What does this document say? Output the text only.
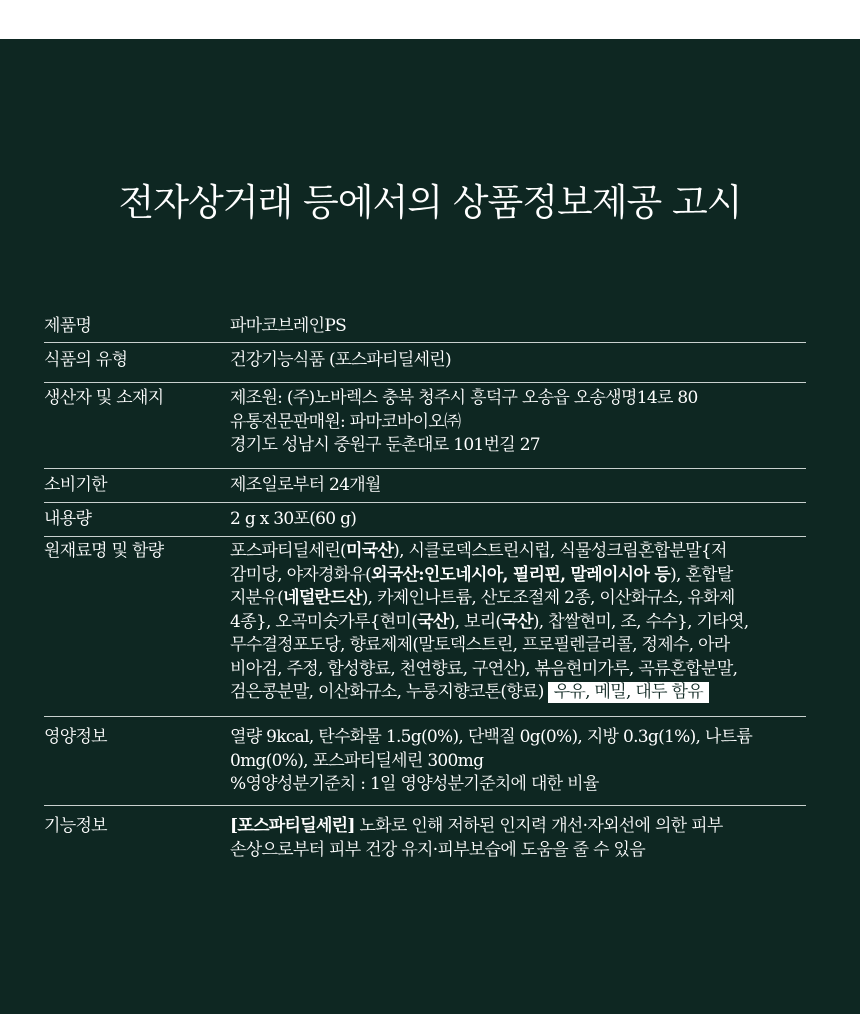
전자상거래 등에서의 상품정보제공 고시
제품명	파마코브레인PS
식품의 유형	건강기능식품 (포스파티딜세린)
생산자 및 소재지	제조원: (주)노바렉스 충북 청주시 흥덕구 오송읍 오송생명14로 80
유통전문판매원: 파마코바이오㈜
경기도 성남시 중원구 둔촌대로 101번길 27
소비기한	제조일로부터 24개월
내용량	2 g x 30포(60 g)
원재료명 및 함량	포스파티딜세린(미국산), 시클로덱스트린시럽, 식물성크림혼합분말{저
감미당, 야자경화유(외국산:인도네시아, 필리핀, 말레이시아 등), 혼합탈
지분유(네덜란드산), 카제인나트륨, 산도조절제 2종, 이산화규소, 유화제
4종}, 오곡미숫가루{현미(국산), 보리(국산), 찹쌀현미, 조, 수수}, 기타엿,
무수결정포도당, 향료제제(말토덱스트린, 프로필렌글리콜, 정제수, 아라
비아검, 주정, 합성향료, 천연향료, 구연산), 볶음현미가루, 곡류혼합분말,
검은콩분말, 이산화규소, 누룽지향코톤(향료) 우유, 메밀, 대두 함유
영양정보	열량 9kcal, 탄수화물 1.5g(0%), 단백질 0g(0%), 지방 0.3g(1%), 나트륨
0mg(0%), 포스파티딜세린 300mg
%영양성분기준치 : 1일 영양성분기준치에 대한 비율
기능정보	[포스파티딜세린] 노화로 인해 저하된 인지력 개선·자외선에 의한 피부
손상으로부터 피부 건강 유지·피부보습에 도움을 줄 수 있음
